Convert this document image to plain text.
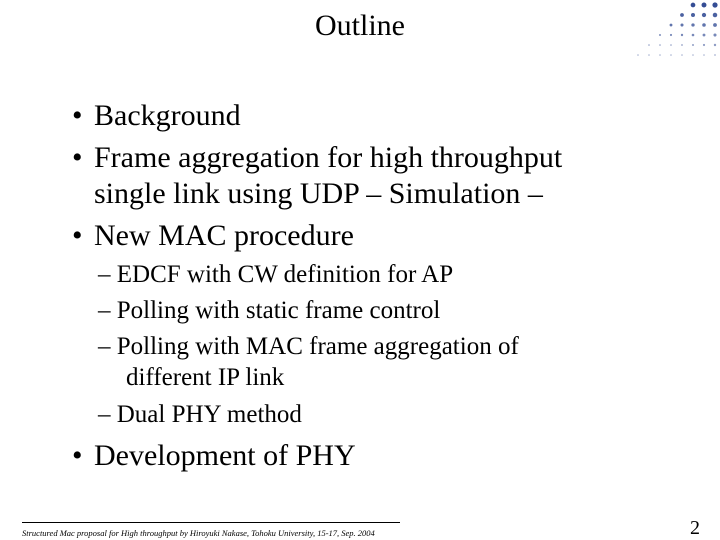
Outline
• Background
• Frame aggregation for high throughput
single link using UDP – Simulation –
• New MAC procedure
– EDCF with CW definition for AP
– Polling with static frame control
– Polling with MAC frame aggregation of
different IP link
– Dual PHY method
• Development of PHY
Structured Mac proposal for High throughput by Hiroyuki Nakase, Tohoku University, 15-17, Sep. 2004	2
